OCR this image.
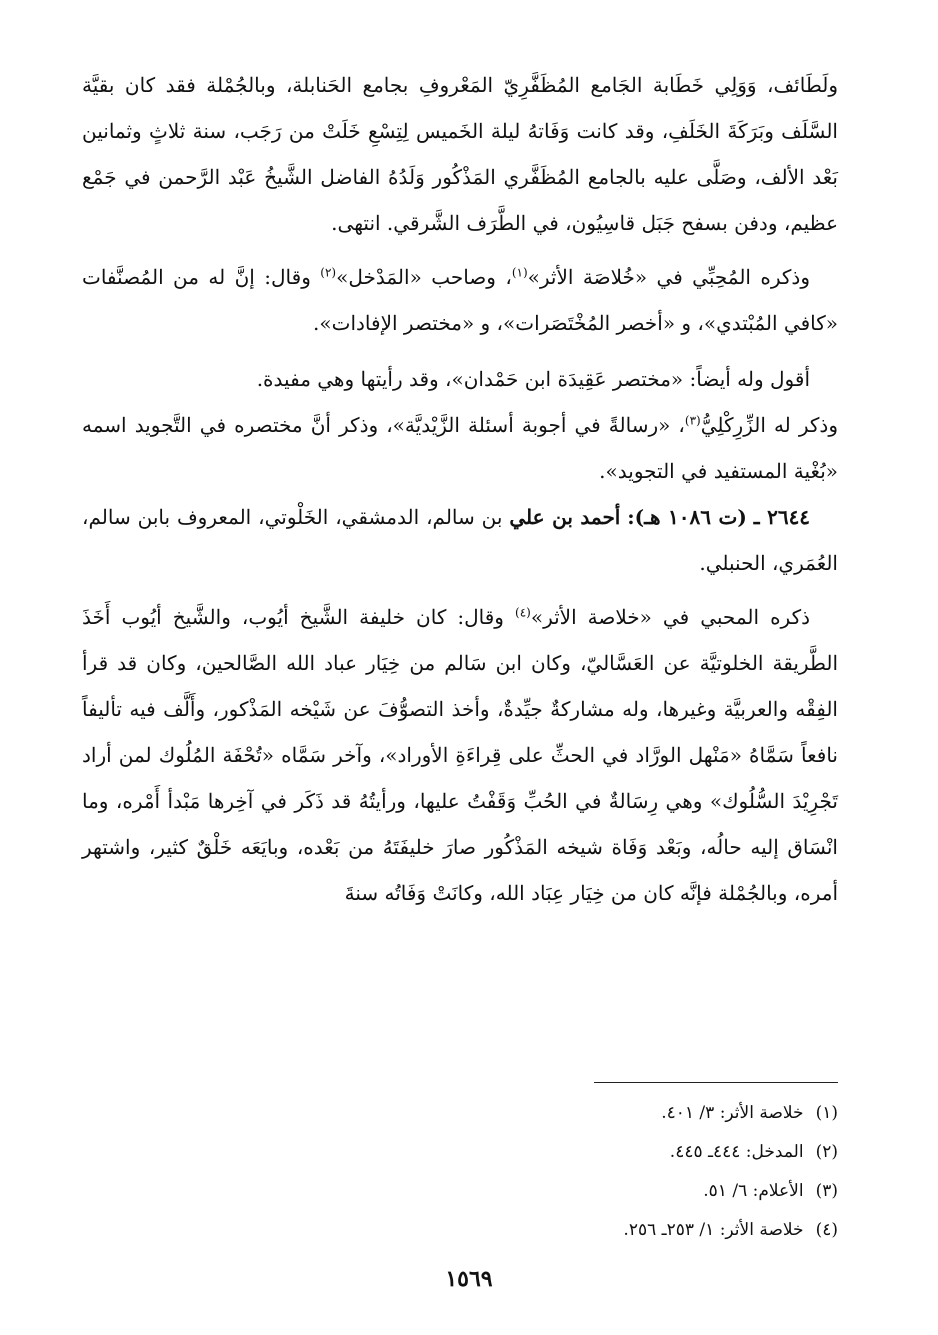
ولَطَائف، وَوَلِي خَطَابة الجَامع المُظَفَّرِيّ المَعْروفِ بجامع الحَنابلة، وبالجُمْلة فقد كان بقيَّة السَّلَف وبَرَكَةَ الخَلَفِ، وقد كانت وَفَاتهُ ليلة الخَميس لِتِسْعِ خَلَتْ من رَجَب، سنة ثلاثٍ وثمانين بَعْد الألف، وصَلَّى عليه بالجامع المُظَفَّري المَذْكُور وَلَدُهُ الفاضل الشَّيخُ عَبْد الرَّحمن في جَمْع عظيم، ودفن بسفح جَبَل قاسِيُون، في الطَّرَف الشَّرقي. انتهى.

وذكره المُحِبِّي في «خُلاصَة الأثر»$^{(١)}$، وصاحب «المَدْخل»$^{(٢)}$ وقال: إنَّ له من المُصنَّفات «كافي المُبْتدي»، و «أخصر المُخْتَصَرات»، و «مختصر الإفادات».

أقول وله أيضاً: «مختصر عَقِيدَة ابن حَمْدان»، وقد رأيتها وهي مفيدة.

وذكر له الزِّرِكْلِيُّ$^{(٣)}$، «رسالةً في أجوبة أسئلة الزَّيْديَّة»، وذكر أنَّ مختصره في التَّجويد اسمه «بُغْية المستفيد في التجويد».

٢٦٤٤ ـ (ت ١٠٨٦ هـ): أحمد بن علي بن سالم، الدمشقي، الخَلْوتي، المعروف بابن سالم، العُمَري، الحنبلي.

ذكره المحبي في «خلاصة الأثر»$^{(٤)}$ وقال: كان خليفة الشَّيخ أيُوب، والشَّيخ أيُوب أَخَذَ الطَّريقة الخلوتيَّة عن العَسَّاليّ، وكان ابن سَالم من خِيَار عباد الله الصَّالحين، وكان قد قرأ الفِقْه والعربيَّة وغيرها، وله مشاركةٌ جيِّدةٌ، وأخذ التصوُّفَ عن شَيْخه المَذْكور، وأَلَّف فيه تأليفاً نافعاً سَمَّاهُ «مَنْهل الورَّاد في الحثِّ على قِراءَةِ الأوراد»، وآخر سَمَّاه «تُحْفَة المُلُوك لمن أراد تَجْرِيْدَ السُّلُوك» وهي رِسَالةٌ في الحُبِّ وَقَفْتُ عليها، ورأيتُهُ قد ذَكَر في آخِرها مَبْدأ أَمْره، وما انْسَاق إليه حالُه، وبَعْد وَفَاة شيخه المَذْكُور صارَ خليفَتَهُ من بَعْده، وبايَعَه خَلْقٌ كثير، واشتهر أمره، وبالجُمْلة فإنَّه كان من خِيَار عِبَاد الله، وكانَتْ وَفَاتُه سنةَ

(١)خلاصة الأثر: ٣/ ٤٠١.
(٢)المدخل: ٤٤٤ـ ٤٤٥.
(٣)الأعلام: ٦/ ٥١.
(٤)خلاصة الأثر: ١/ ٢٥٣ـ ٢٥٦.
١٥٦٩
